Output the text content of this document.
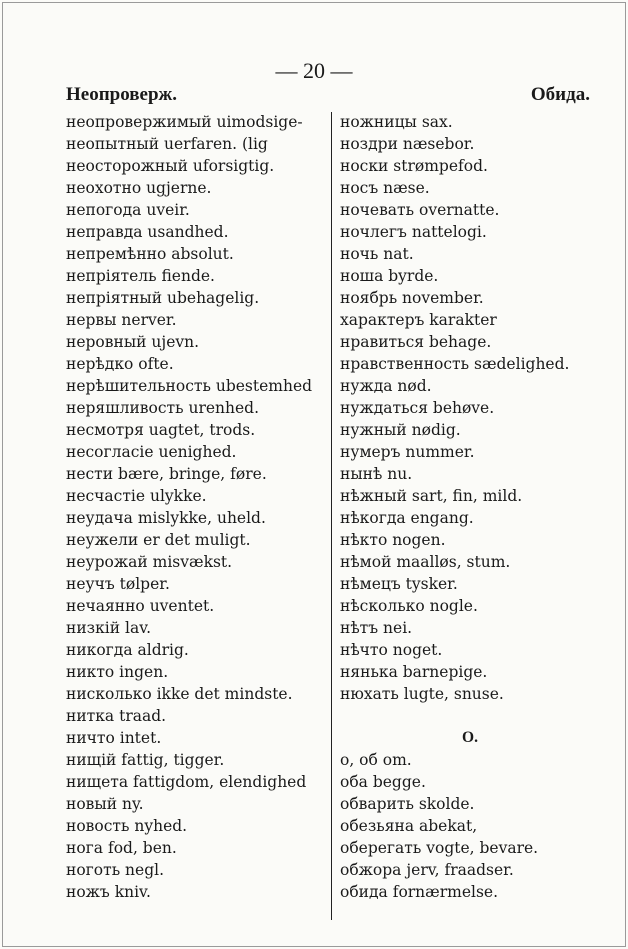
— 20 —
Неопроверж.	Обида.
неопровержимый uimodsige-
неопытный uerfaren. (lig
неосторожный uforsigtig.
неохотно ugjerne.
непогода uveir.
неправда usandhed.
непремѣнно absolut.
непріятель fiende.
непріятный ubehagelig.
нервы nerver.
неровный ujevn.
нерѣдко ofte.
нерѣшительность ubestemhed
неряшливость urenhed.
несмотря uagtet, trods.
несогласіе uenighed.
нести bære, bringe, føre.
несчастіе ulykke.
неудача mislykke, uheld.
неужели er det muligt.
неурожай misvækst.
неучъ tølper.
нечаянно uventet.
низкій lav.
никогда aldrig.
никто ingen.
нисколько ikke det mindste.
нитка traad.
ничто intet.
нищій fattig, tigger.
нищета fattigdom, elendighed
новый ny.
новость nyhed.
нога fod, ben.
ноготь negl.
ножъ kniv.
ножницы sax.
ноздри næsebor.
носки strømpefod.
носъ næse.
ночевать overnatte.
ночлегъ nattelogi.
ночь nat.
ноша byrde.
ноябрь november.
характеръ karakter
нравиться behage.
нравственность sædelighed.
нужда nød.
нуждаться behøve.
нужный nødig.
нумеръ nummer.
нынѣ nu.
нѣжный sart, fin, mild.
нѣкогда engang.
нѣкто nogen.
нѣмой maalløs, stum.
нѣмецъ tysker.
нѣсколько nogle.
нѣтъ nei.
нѣчто noget.
нянька barnepige.
нюхать lugte, snuse.
O.
о, об om.
оба begge.
обварить skolde.
обезьяна abekat,
оберегать vogte, bevare.
обжора jerv, fraadser.
обида fornærmelse.
